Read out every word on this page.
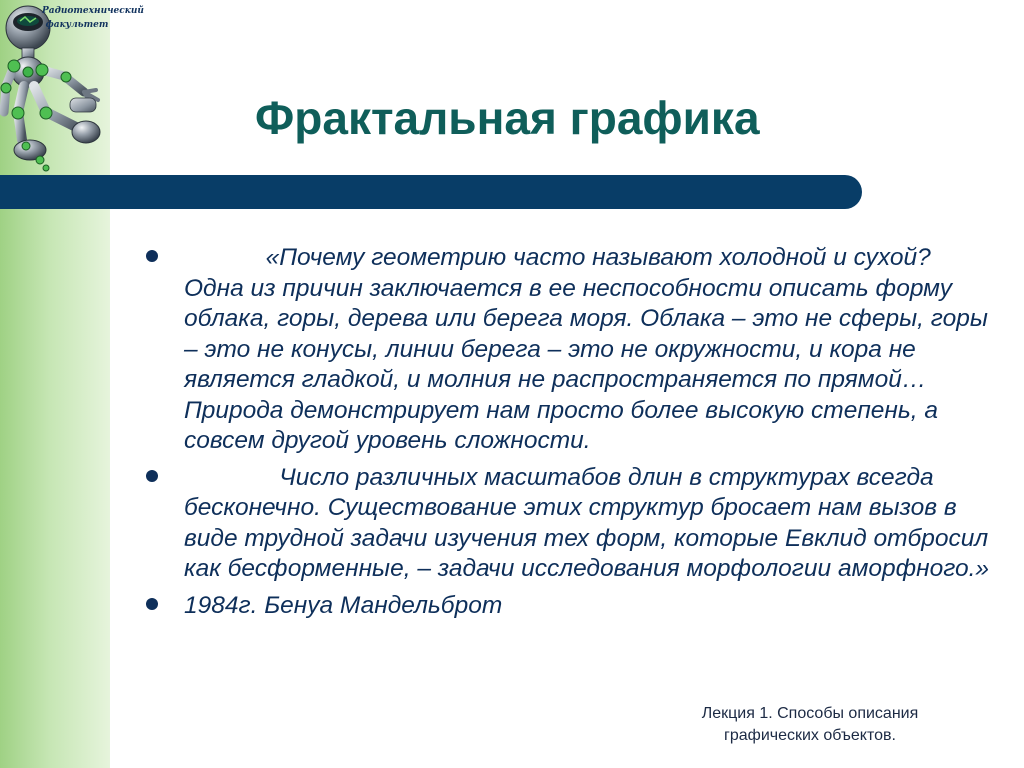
Радиотехнический
факультет
Фрактальная графика
«Почему геометрию часто называют холодной и сухой? Одна из причин заключается в ее неспособности описать форму облака, горы, дерева или берега моря. Облака – это не сферы, горы – это не конусы, линии берега – это не окружности, и кора не является гладкой, и молния не распространяется по прямой… Природа демонстрирует нам просто более высокую степень, а совсем другой уровень сложности.
Число различных масштабов длин в структурах всегда бесконечно. Существование этих структур бросает нам вызов в виде трудной задачи изучения тех форм, которые Евклид отбросил как бесформенные, – задачи исследования морфологии аморфного.»
1984г. Бенуа Мандельброт
Лекция 1. Способы описания
графических объектов.
